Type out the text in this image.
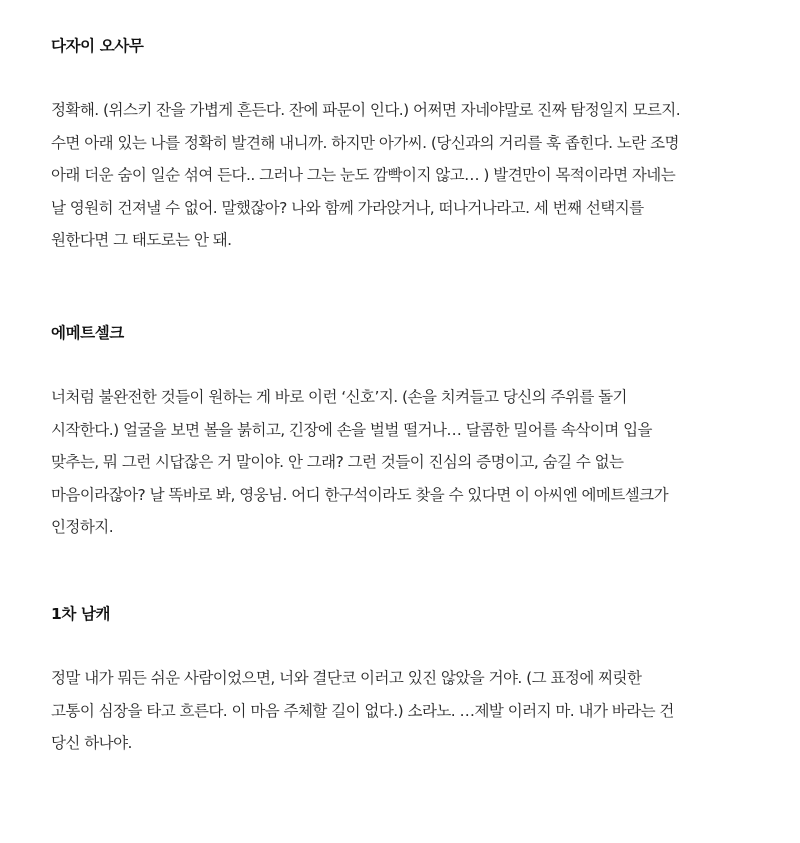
다자이 오사무

정확해. (위스키 잔을 가볍게 흔든다. 잔에 파문이 인다.) 어쩌면 자네야말로 진짜 탐정일지 모르지.
수면 아래 있는 나를 정확히 발견해 내니까. 하지만 아가씨. (당신과의 거리를 훅 좁힌다. 노란 조명
아래 더운 숨이 일순 섞여 든다.. 그러나 그는 눈도 깜빡이지 않고… ) 발견만이 목적이라면 자네는
날 영원히 건져낼 수 없어. 말했잖아? 나와 함께 가라앉거나, 떠나거나라고. 세 번째 선택지를
원한다면 그 태도로는 안 돼.

에메트셀크

너처럼 불완전한 것들이 원하는 게 바로 이런 ‘신호’지. (손을 치켜들고 당신의 주위를 돌기
시작한다.) 얼굴을 보면 볼을 붉히고, 긴장에 손을 벌벌 떨거나… 달콤한 밀어를 속삭이며 입을
맞추는, 뭐 그런 시답잖은 거 말이야. 안 그래? 그런 것들이 진심의 증명이고, 숨길 수 없는
마음이라잖아? 날 똑바로 봐, 영웅님. 어디 한구석이라도 찾을 수 있다면 이 아씨엔 에메트셀크가
인정하지.

1차 남캐

정말 내가 뭐든 쉬운 사람이었으면, 너와 결단코 이러고 있진 않았을 거야. (그 표정에 찌릿한
고통이 심장을 타고 흐른다. 이 마음 주체할 길이 없다.) 소라노. …제발 이러지 마. 내가 바라는 건
당신 하나야.
